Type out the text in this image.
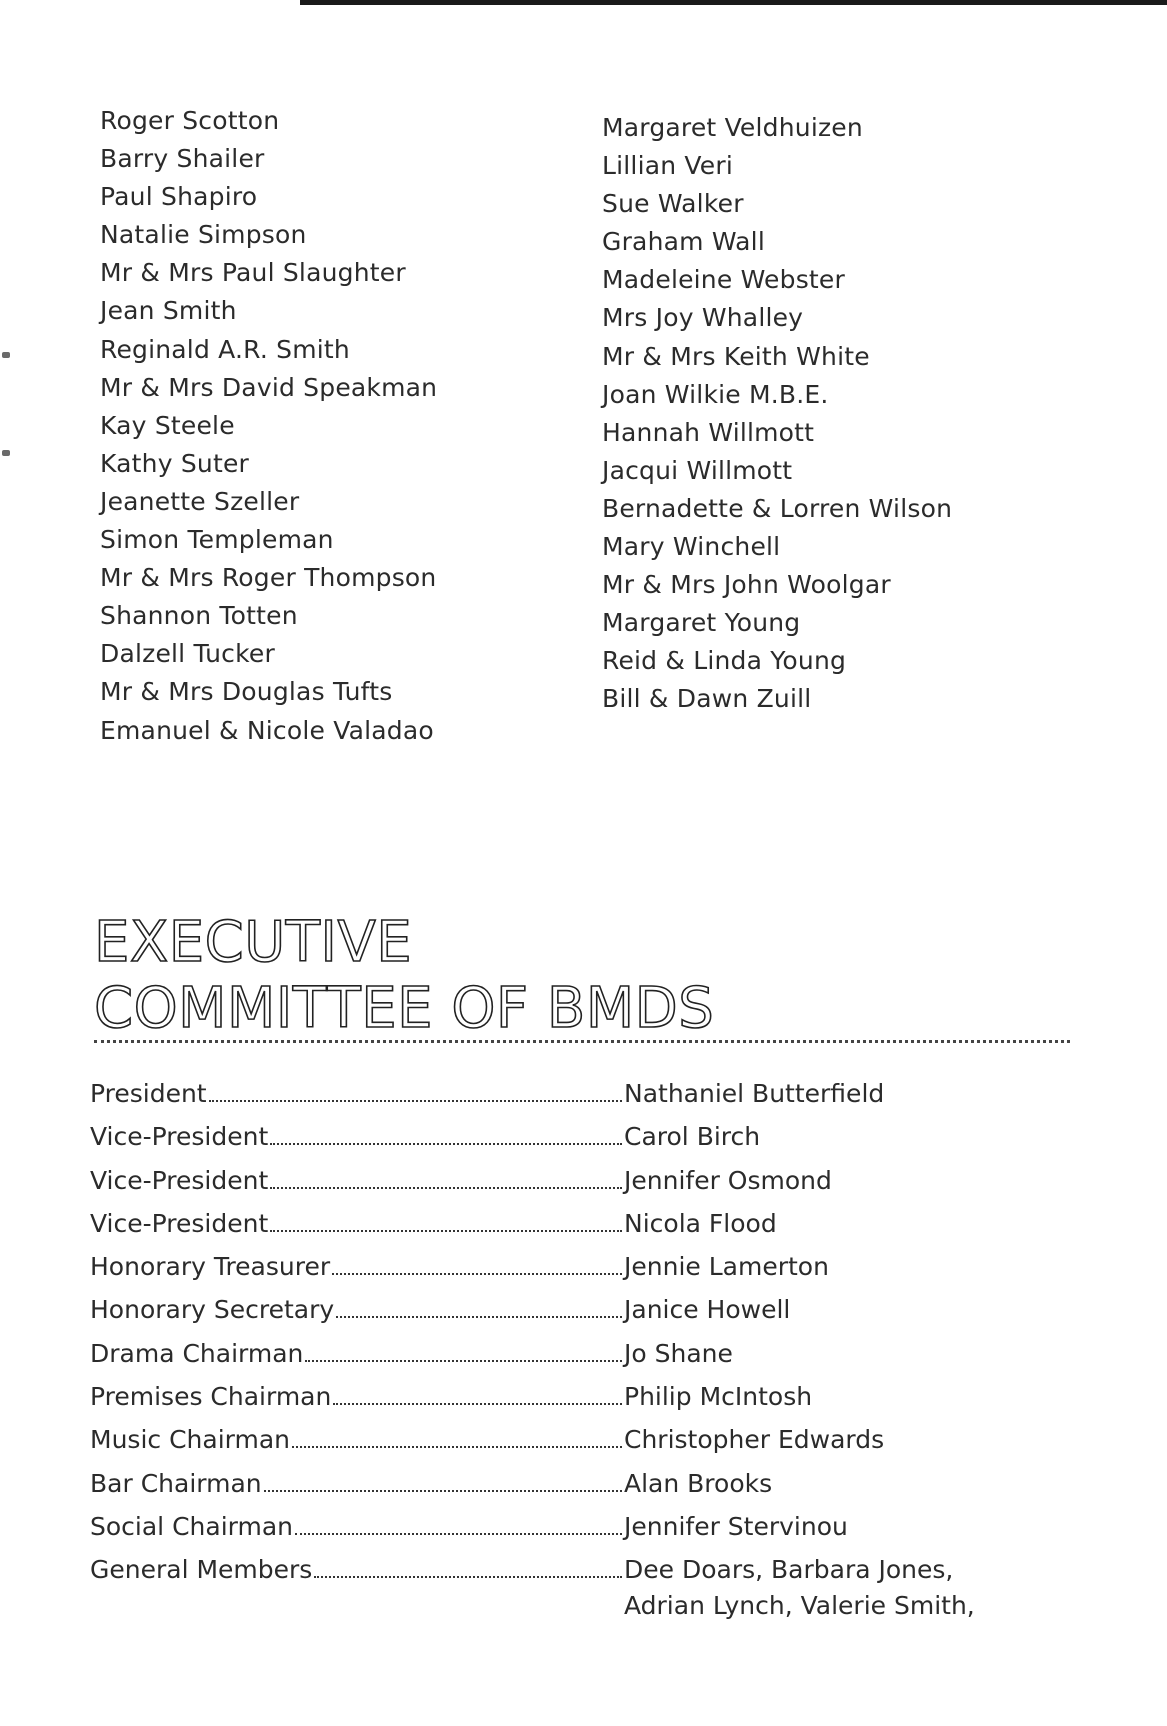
Roger Scotton
Barry Shailer
Paul Shapiro
Natalie Simpson
Mr & Mrs Paul Slaughter
Jean Smith
Reginald A.R. Smith
Mr & Mrs David Speakman
Kay Steele
Kathy Suter
Jeanette Szeller
Simon Templeman
Mr & Mrs Roger Thompson
Shannon Totten
Dalzell Tucker
Mr & Mrs Douglas Tufts
Emanuel & Nicole Valadao
Margaret Veldhuizen
Lillian Veri
Sue Walker
Graham Wall
Madeleine Webster
Mrs Joy Whalley
Mr & Mrs Keith White
Joan Wilkie M.B.E.
Hannah Willmott
Jacqui Willmott
Bernadette & Lorren Wilson
Mary Winchell
Mr & Mrs John Woolgar
Margaret Young
Reid & Linda Young
Bill & Dawn Zuill
EXECUTIVE
COMMITTEE OF BMDS
President	Nathaniel Butterfield
Vice-President	Carol Birch
Vice-President	Jennifer Osmond
Vice-President	Nicola Flood
Honorary Treasurer	Jennie Lamerton
Honorary Secretary	Janice Howell
Drama Chairman	Jo Shane
Premises Chairman	Philip McIntosh
Music Chairman	Christopher Edwards
Bar Chairman	Alan Brooks
Social Chairman	Jennifer Stervinou
General Members	Dee Doars, Barbara Jones,
Adrian Lynch, Valerie Smith,
